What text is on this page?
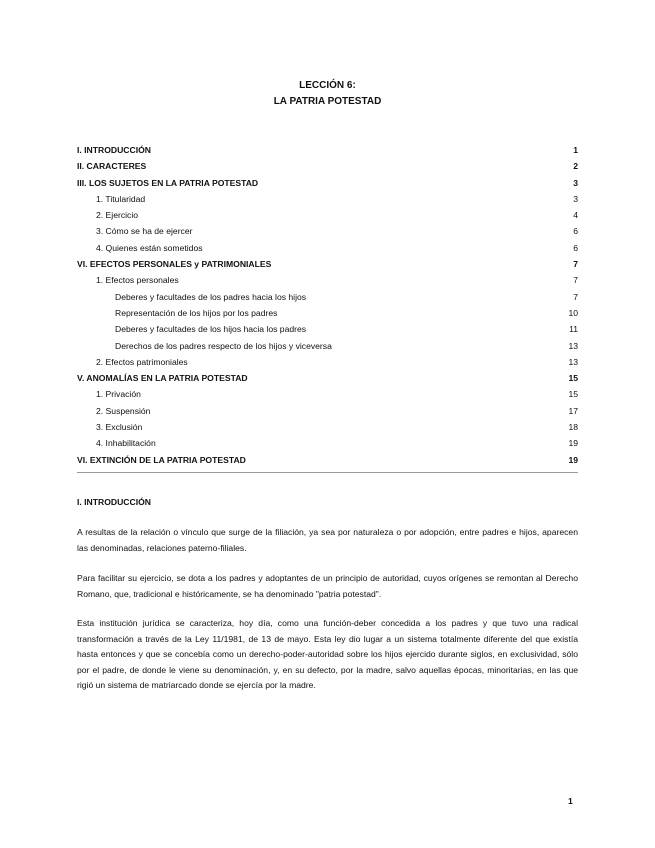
LECCIÓN 6:
LA PATRIA POTESTAD
I. INTRODUCCIÓN	1
II. CARACTERES	2
III. LOS SUJETOS EN LA PATRIA POTESTAD	3
1. Titularidad	3
2. Ejercicio	4
3. Cómo se ha de ejercer	6
4. Quienes están sometidos	6
VI. EFECTOS PERSONALES y PATRIMONIALES	7
1. Efectos personales	7
Deberes y facultades de los padres hacia los hijos	7
Representación de los hijos por los padres	10
Deberes y facultades de los hijos hacia los padres	11
Derechos de los padres respecto de los hijos y viceversa	13
2. Efectos patrimoniales	13
V. ANOMALÍAS EN LA PATRIA POTESTAD	15
1. Privación	15
2. Suspensión	17
3. Exclusión	18
4. Inhabilitación	19
VI. EXTINCIÓN DE LA PATRIA POTESTAD	19
I. INTRODUCCIÓN
A resultas de la relación o vínculo que surge de la filiación, ya sea por naturaleza o por adopción, entre padres e hijos, aparecen las denominadas, relaciones paterno-filiales.
Para facilitar su ejercicio, se dota a los padres y adoptantes de un principio de autoridad, cuyos orígenes se remontan al Derecho Romano, que, tradicional e históricamente, se ha denominado "patria potestad".
Esta institución jurídica se caracteriza, hoy día, como una función-deber concedida a los padres y que tuvo una radical transformación a través de la Ley 11/1981, de 13 de mayo. Esta ley dio lugar a un sistema totalmente diferente del que existía hasta entonces y que se concebía como un derecho-poder-autoridad sobre los hijos ejercido durante siglos, en exclusividad, sólo por el padre, de donde le viene su denominación, y, en su defecto, por la madre, salvo aquellas épocas, minoritarias, en las que rigió un sistema de matriarcado donde se ejercía por la madre.
1
